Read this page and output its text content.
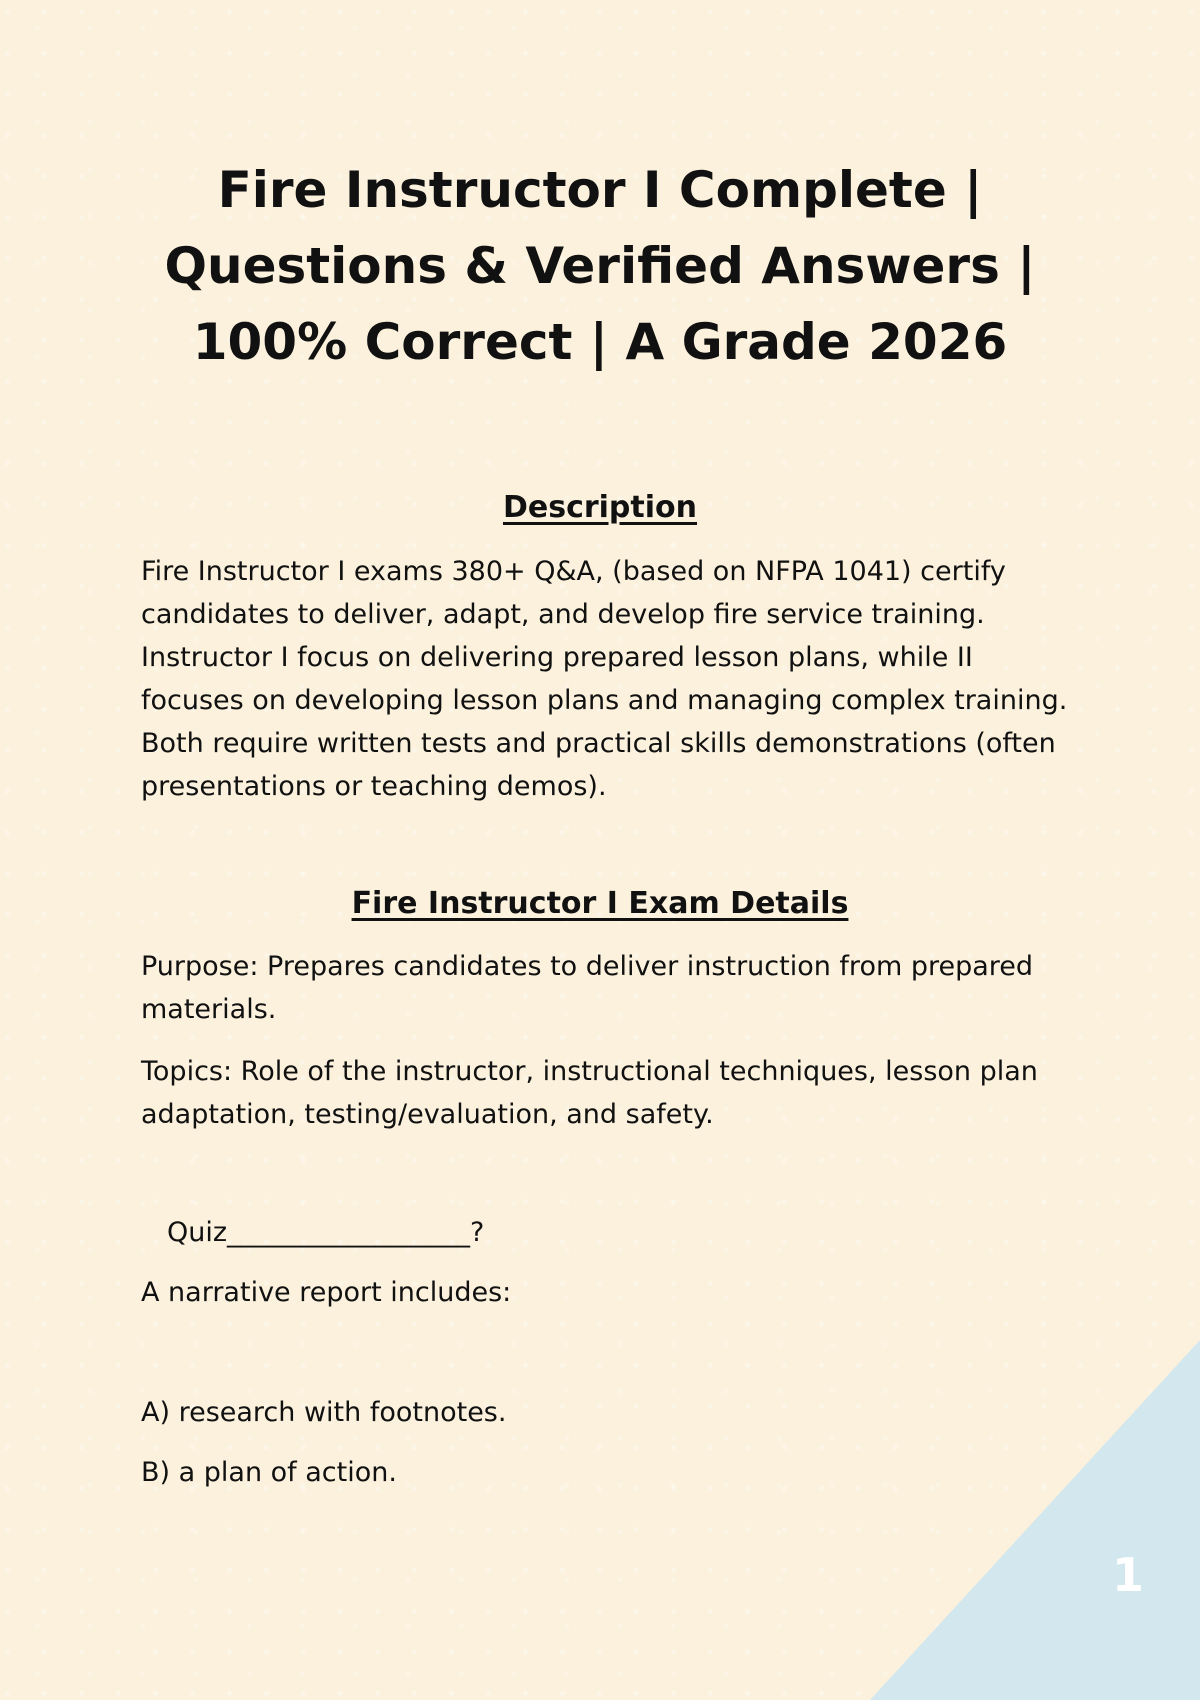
Fire Instructor I Complete |
Questions & Verified Answers |
100% Correct | A Grade 2026
Description

Fire Instructor I exams 380+ Q&A, (based on NFPA 1041) certify candidates to deliver, adapt, and develop fire service training. Instructor I focus on delivering prepared lesson plans, while II focuses on developing lesson plans and managing complex training. Both require written tests and practical skills demonstrations (often presentations or teaching demos).

Fire Instructor I Exam Details

Purpose: Prepares candidates to deliver instruction from prepared materials.

Topics: Role of the instructor, instructional techniques, lesson plan adaptation, testing/evaluation, and safety.

Quiz__________________?

A narrative report includes:

A) research with footnotes.

B) a plan of action.

1
